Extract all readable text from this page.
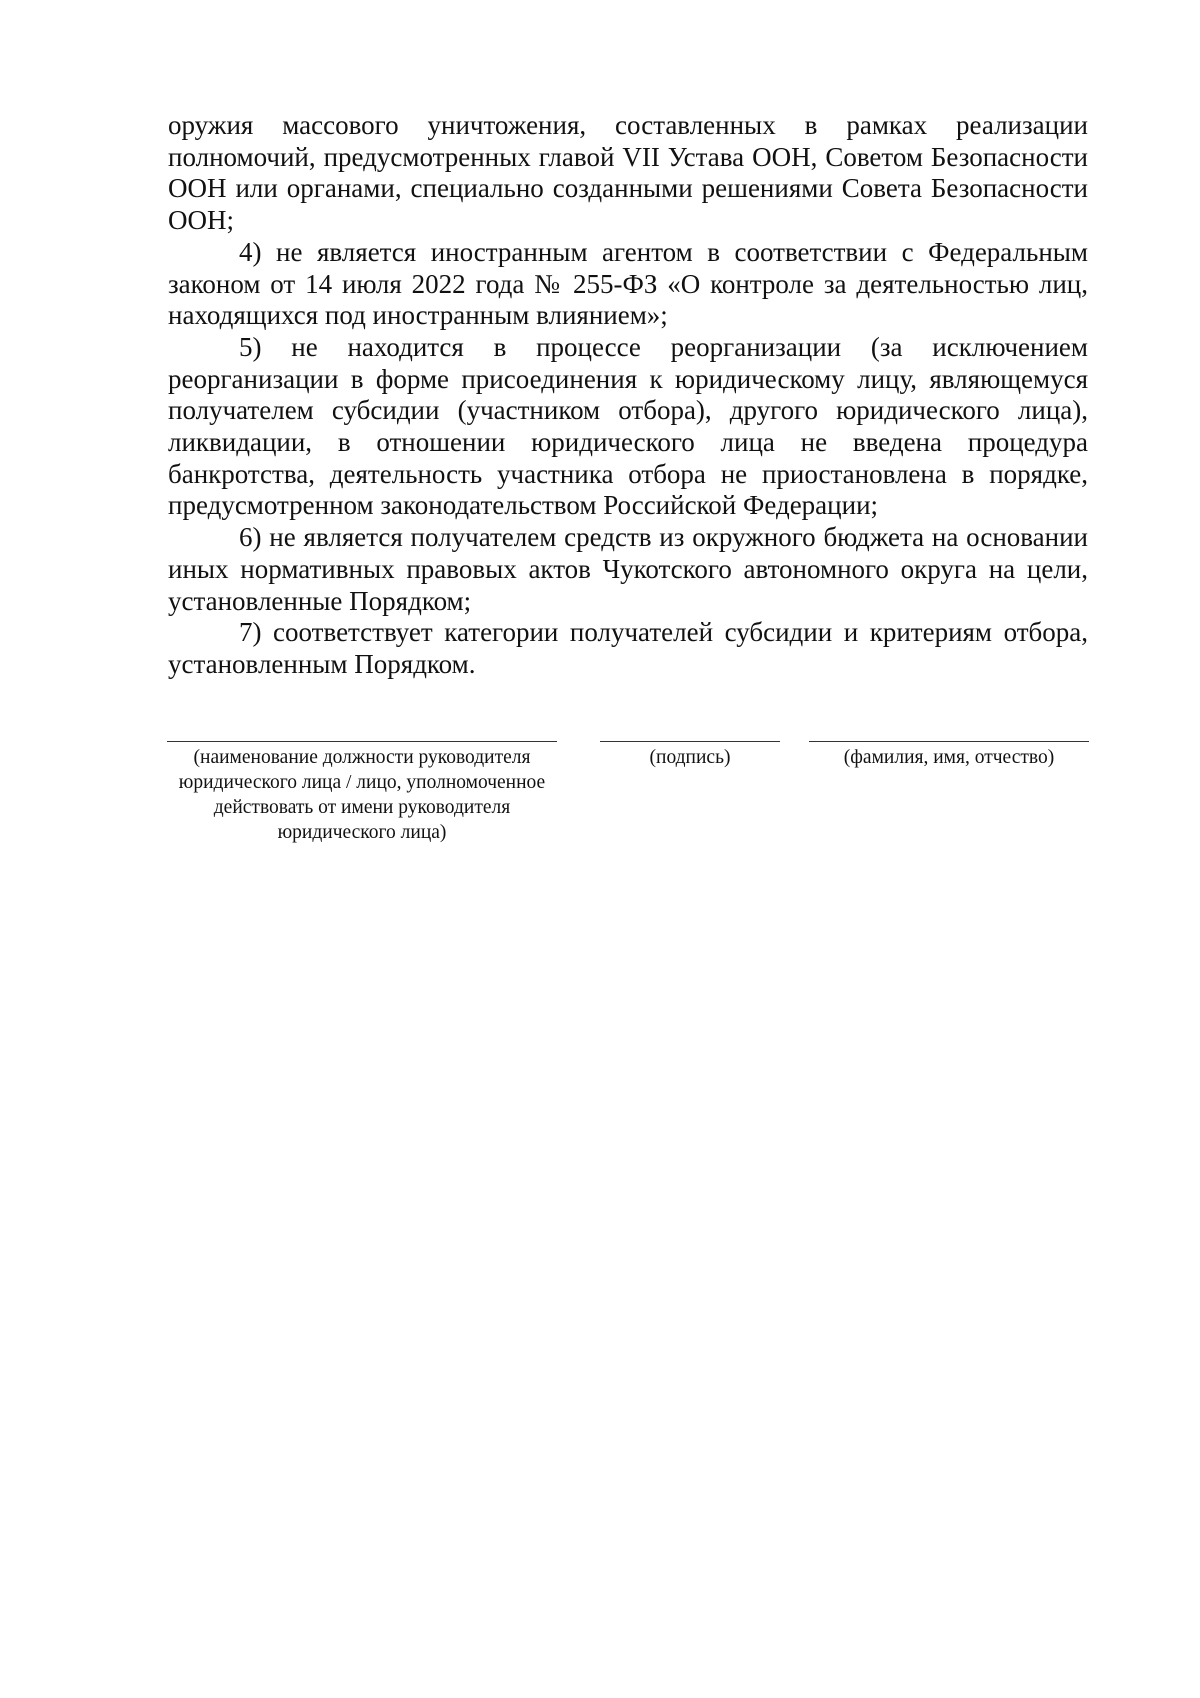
оружия массового уничтожения, составленных в рамках реализации полномочий, предусмотренных главой VII Устава ООН, Советом Безопасности ООН или органами, специально созданными решениями Совета Безопасности ООН;

4) не является иностранным агентом в соответствии с Федеральным законом от 14 июля 2022 года № 255-ФЗ «О контроле за деятельностью лиц, находящихся под иностранным влиянием»;

5) не находится в процессе реорганизации (за исключением реорганизации в форме присоединения к юридическому лицу, являющемуся получателем субсидии (участником отбора), другого юридического лица), ликвидации, в отношении юридического лица не введена процедура банкротства, деятельность участника отбора не приостановлена в порядке, предусмотренном законодательством Российской Федерации;

6) не является получателем средств из окружного бюджета на основании иных нормативных правовых актов Чукотского автономного округа на цели, установленные Порядком;

7) соответствует категории получателей субсидии и критериям отбора, установленным Порядком.

(наименование должности руководителя юридического лица / лицо, уполномоченное действовать от имени руководителя юридического лица)

(подпись)	(фамилия, имя, отчество)
